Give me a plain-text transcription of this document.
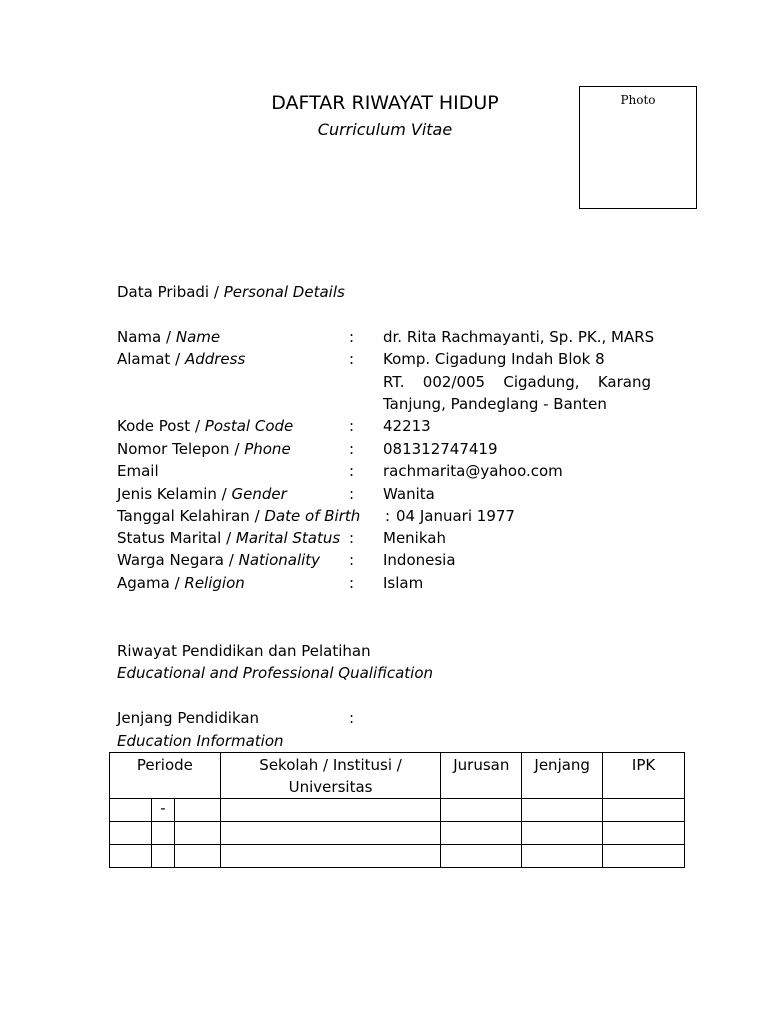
DAFTAR RIWAYAT HIDUP
Curriculum Vitae
Photo
Data Pribadi / Personal Details
Nama / Name	: dr. Rita Rachmayanti, Sp. PK., MARS
Alamat / Address	: Komp. Cigadung Indah Blok 8
RT. 002/005 Cigadung, Karang
Tanjung, Pandeglang - Banten
Kode Post / Postal Code	: 42213
Nomor Telepon / Phone	: 081312747419
Email	: rachmarita@yahoo.com
Jenis Kelamin / Gender	: Wanita
Tanggal Kelahiran / Date of Birth : 04 Januari 1977
Status Marital / Marital Status : Menikah
Warga Negara / Nationality : Indonesia
Agama / Religion	: Islam
Riwayat Pendidikan dan Pelatihan
Educational and Professional Qualification
Jenjang Pendidikan	:
Education Information
Periode			Sekolah / Institusi / Universitas	Jurusan	Jenjang	IPK
	-					
